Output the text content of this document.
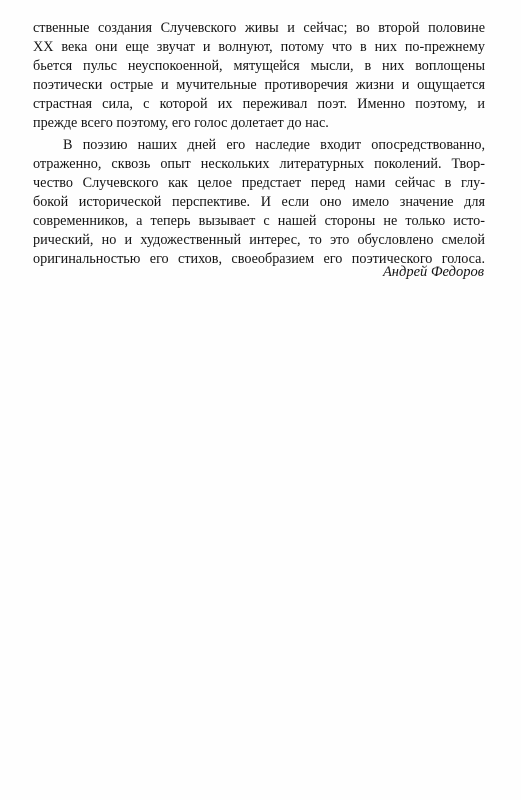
ственные создания Случевского живы и сейчас; во второй половине
XX века они еще звучат и волнуют, потому что в них по-прежнему
бьется пульс неуспокоенной, мятущейся мысли, в них воплощены
поэтически острые и мучительные противоречия жизни и ощущается
страстная сила, с которой их переживал поэт. Именно поэтому, и
прежде всего поэтому, его голос долетает до нас.
В поэзию наших дней его наследие входит опосредствованно,
отраженно, сквозь опыт нескольких литературных поколений. Твор-
чество Случевского как целое предстает перед нами сейчас в глу-
бокой исторической перспективе. И если оно имело значение для
современников, а теперь вызывает с нашей стороны не только исто-
рический, но и художественный интерес, то это обусловлено смелой
оригинальностью его стихов, своеобразием его поэтического голоса.
Андрей Федоров
